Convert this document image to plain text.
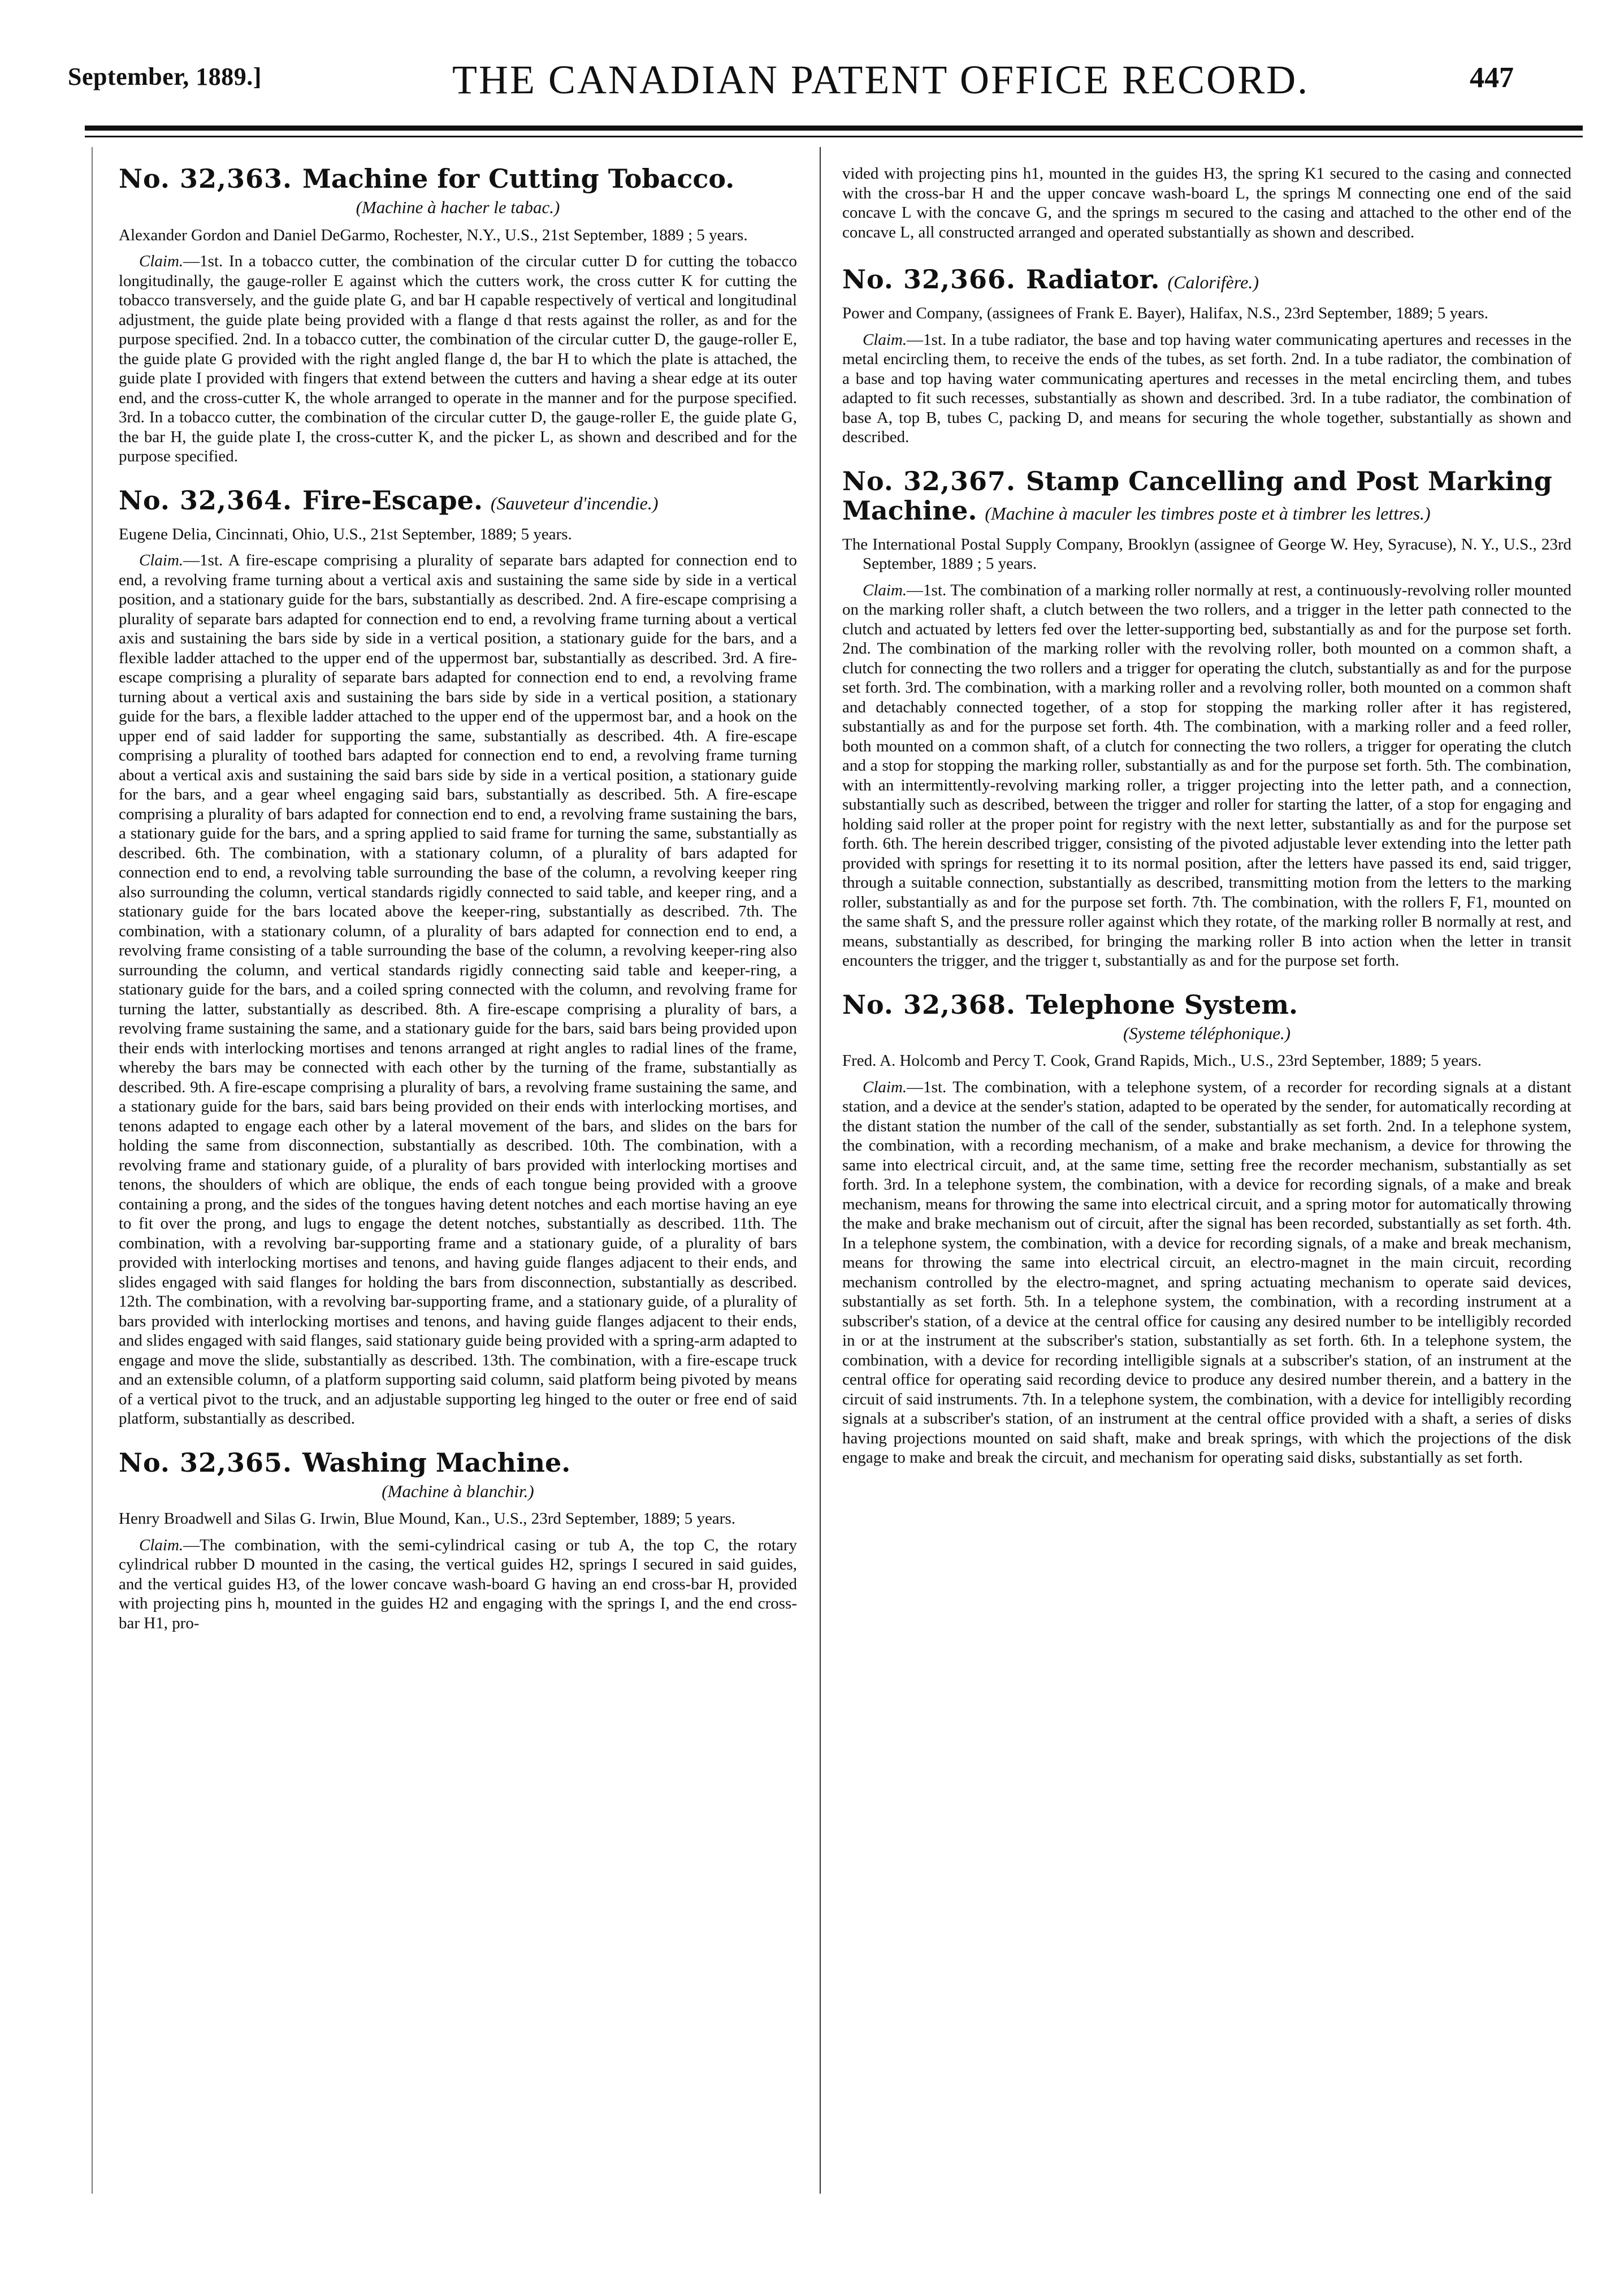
September, 1889.]	THE CANADIAN PATENT OFFICE RECORD.	447
No. 32,363. Machine for Cutting Tobacco.
(Machine à hacher le tabac.)
Alexander Gordon and Daniel DeGarmo, Rochester, N.Y., U.S., 21st September, 1889 ; 5 years.

Claim.—1st. In a tobacco cutter, the combination of the circular cutter D for cutting the tobacco longitudinally, the gauge-roller E against which the cutters work, the cross cutter K for cutting the tobacco transversely, and the guide plate G, and bar H capable respectively of vertical and longitudinal adjustment, the guide plate being provided with a flange d that rests against the roller, as and for the purpose specified. 2nd. In a tobacco cutter, the combination of the circular cutter D, the gauge-roller E, the guide plate G provided with the right angled flange d, the bar H to which the plate is attached, the guide plate I provided with fingers that extend between the cutters and having a shear edge at its outer end, and the cross-cutter K, the whole arranged to operate in the manner and for the purpose specified. 3rd. In a tobacco cutter, the combination of the circular cutter D, the gauge-roller E, the guide plate G, the bar H, the guide plate I, the cross-cutter K, and the picker L, as shown and described and for the purpose specified.

No. 32,364. Fire-Escape. (Sauveteur d'incendie.)
Eugene Delia, Cincinnati, Ohio, U.S., 21st September, 1889; 5 years.

Claim.—1st. A fire-escape comprising a plurality of separate bars adapted for connection end to end, a revolving frame turning about a vertical axis and sustaining the same side by side in a vertical position, and a stationary guide for the bars, substantially as described. 2nd. A fire-escape comprising a plurality of separate bars adapted for connection end to end, a revolving frame turning about a vertical axis and sustaining the bars side by side in a vertical position, a stationary guide for the bars, and a flexible ladder attached to the upper end of the uppermost bar, substantially as described. 3rd. A fire-escape comprising a plurality of separate bars adapted for connection end to end, a revolving frame turning about a vertical axis and sustaining the bars side by side in a vertical position, a stationary guide for the bars, a flexible ladder attached to the upper end of the uppermost bar, and a hook on the upper end of said ladder for supporting the same, substantially as described. 4th. A fire-escape comprising a plurality of toothed bars adapted for connection end to end, a revolving frame turning about a vertical axis and sustaining the said bars side by side in a vertical position, a stationary guide for the bars, and a gear wheel engaging said bars, substantially as described. 5th. A fire-escape comprising a plurality of bars adapted for connection end to end, a revolving frame sustaining the bars, a stationary guide for the bars, and a spring applied to said frame for turning the same, substantially as described. 6th. The combination, with a stationary column, of a plurality of bars adapted for connection end to end, a revolving table surrounding the base of the column, a revolving keeper ring also surrounding the column, vertical standards rigidly connected to said table, and keeper ring, and a stationary guide for the bars located above the keeper-ring, substantially as described. 7th. The combination, with a stationary column, of a plurality of bars adapted for connection end to end, a revolving frame consisting of a table surrounding the base of the column, a revolving keeper-ring also surrounding the column, and vertical standards rigidly connecting said table and keeper-ring, a stationary guide for the bars, and a coiled spring connected with the column, and revolving frame for turning the latter, substantially as described. 8th. A fire-escape comprising a plurality of bars, a revolving frame sustaining the same, and a stationary guide for the bars, said bars being provided upon their ends with interlocking mortises and tenons arranged at right angles to radial lines of the frame, whereby the bars may be connected with each other by the turning of the frame, substantially as described. 9th. A fire-escape comprising a plurality of bars, a revolving frame sustaining the same, and a stationary guide for the bars, said bars being provided on their ends with interlocking mortises, and tenons adapted to engage each other by a lateral movement of the bars, and slides on the bars for holding the same from disconnection, substantially as described. 10th. The combination, with a revolving frame and stationary guide, of a plurality of bars provided with interlocking mortises and tenons, the shoulders of which are oblique, the ends of each tongue being provided with a groove containing a prong, and the sides of the tongues having detent notches and each mortise having an eye to fit over the prong, and lugs to engage the detent notches, substantially as described. 11th. The combination, with a revolving bar-supporting frame and a stationary guide, of a plurality of bars provided with interlocking mortises and tenons, and having guide flanges adjacent to their ends, and slides engaged with said flanges for holding the bars from disconnection, substantially as described. 12th. The combination, with a revolving bar-supporting frame, and a stationary guide, of a plurality of bars provided with interlocking mortises and tenons, and having guide flanges adjacent to their ends, and slides engaged with said flanges, said stationary guide being provided with a spring-arm adapted to engage and move the slide, substantially as described. 13th. The combination, with a fire-escape truck and an extensible column, of a platform supporting said column, said platform being pivoted by means of a vertical pivot to the truck, and an adjustable supporting leg hinged to the outer or free end of said platform, substantially as described.

No. 32,365. Washing Machine.
(Machine à blanchir.)
Henry Broadwell and Silas G. Irwin, Blue Mound, Kan., U.S., 23rd September, 1889; 5 years.

Claim.—The combination, with the semi-cylindrical casing or tub A, the top C, the rotary cylindrical rubber D mounted in the casing, the vertical guides H2, springs I secured in said guides, and the vertical guides H3, of the lower concave wash-board G having an end cross-bar H, provided with projecting pins h, mounted in the guides H2 and engaging with the springs I, and the end cross-bar H1, pro-

vided with projecting pins h1, mounted in the guides H3, the spring K1 secured to the casing and connected with the cross-bar H and the upper concave wash-board L, the springs M connecting one end of the said concave L with the concave G, and the springs m secured to the casing and attached to the other end of the concave L, all constructed arranged and operated substantially as shown and described.

No. 32,366. Radiator. (Calorifère.)
Power and Company, (assignees of Frank E. Bayer), Halifax, N.S., 23rd September, 1889; 5 years.

Claim.—1st. In a tube radiator, the base and top having water communicating apertures and recesses in the metal encircling them, to receive the ends of the tubes, as set forth. 2nd. In a tube radiator, the combination of a base and top having water communicating apertures and recesses in the metal encircling them, and tubes adapted to fit such recesses, substantially as shown and described. 3rd. In a tube radiator, the combination of base A, top B, tubes C, packing D, and means for securing the whole together, substantially as shown and described.

No. 32,367. Stamp Cancelling and Post Marking Machine. (Machine à maculer les timbres poste et à timbrer les lettres.)
The International Postal Supply Company, Brooklyn (assignee of George W. Hey, Syracuse), N. Y., U.S., 23rd September, 1889 ; 5 years.

Claim.—1st. The combination of a marking roller normally at rest, a continuously-revolving roller mounted on the marking roller shaft, a clutch between the two rollers, and a trigger in the letter path connected to the clutch and actuated by letters fed over the letter-supporting bed, substantially as and for the purpose set forth. 2nd. The combination of the marking roller with the revolving roller, both mounted on a common shaft, a clutch for connecting the two rollers and a trigger for operating the clutch, substantially as and for the purpose set forth. 3rd. The combination, with a marking roller and a revolving roller, both mounted on a common shaft and detachably connected together, of a stop for stopping the marking roller after it has registered, substantially as and for the purpose set forth. 4th. The combination, with a marking roller and a feed roller, both mounted on a common shaft, of a clutch for connecting the two rollers, a trigger for operating the clutch and a stop for stopping the marking roller, substantially as and for the purpose set forth. 5th. The combination, with an intermittently-revolving marking roller, a trigger projecting into the letter path, and a connection, substantially such as described, between the trigger and roller for starting the latter, of a stop for engaging and holding said roller at the proper point for registry with the next letter, substantially as and for the purpose set forth. 6th. The herein described trigger, consisting of the pivoted adjustable lever extending into the letter path provided with springs for resetting it to its normal position, after the letters have passed its end, said trigger, through a suitable connection, substantially as described, transmitting motion from the letters to the marking roller, substantially as and for the purpose set forth. 7th. The combination, with the rollers F, F1, mounted on the same shaft S, and the pressure roller against which they rotate, of the marking roller B normally at rest, and means, substantially as described, for bringing the marking roller B into action when the letter in transit encounters the trigger, and the trigger t, substantially as and for the purpose set forth.

No. 32,368. Telephone System.
(Systeme téléphonique.)
Fred. A. Holcomb and Percy T. Cook, Grand Rapids, Mich., U.S., 23rd September, 1889; 5 years.

Claim.—1st. The combination, with a telephone system, of a recorder for recording signals at a distant station, and a device at the sender's station, adapted to be operated by the sender, for automatically recording at the distant station the number of the call of the sender, substantially as set forth. 2nd. In a telephone system, the combination, with a recording mechanism, of a make and brake mechanism, a device for throwing the same into electrical circuit, and, at the same time, setting free the recorder mechanism, substantially as set forth. 3rd. In a telephone system, the combination, with a device for recording signals, of a make and break mechanism, means for throwing the same into electrical circuit, and a spring motor for automatically throwing the make and brake mechanism out of circuit, after the signal has been recorded, substantially as set forth. 4th. In a telephone system, the combination, with a device for recording signals, of a make and break mechanism, means for throwing the same into electrical circuit, an electro-magnet in the main circuit, recording mechanism controlled by the electro-magnet, and spring actuating mechanism to operate said devices, substantially as set forth. 5th. In a telephone system, the combination, with a recording instrument at a subscriber's station, of a device at the central office for causing any desired number to be intelligibly recorded in or at the instrument at the subscriber's station, substantially as set forth. 6th. In a telephone system, the combination, with a device for recording intelligible signals at a subscriber's station, of an instrument at the central office for operating said recording device to produce any desired number therein, and a battery in the circuit of said instruments. 7th. In a telephone system, the combination, with a device for intelligibly recording signals at a subscriber's station, of an instrument at the central office provided with a shaft, a series of disks having projections mounted on said shaft, make and break springs, with which the projections of the disk engage to make and break the circuit, and mechanism for operating said disks, substantially as set forth.
